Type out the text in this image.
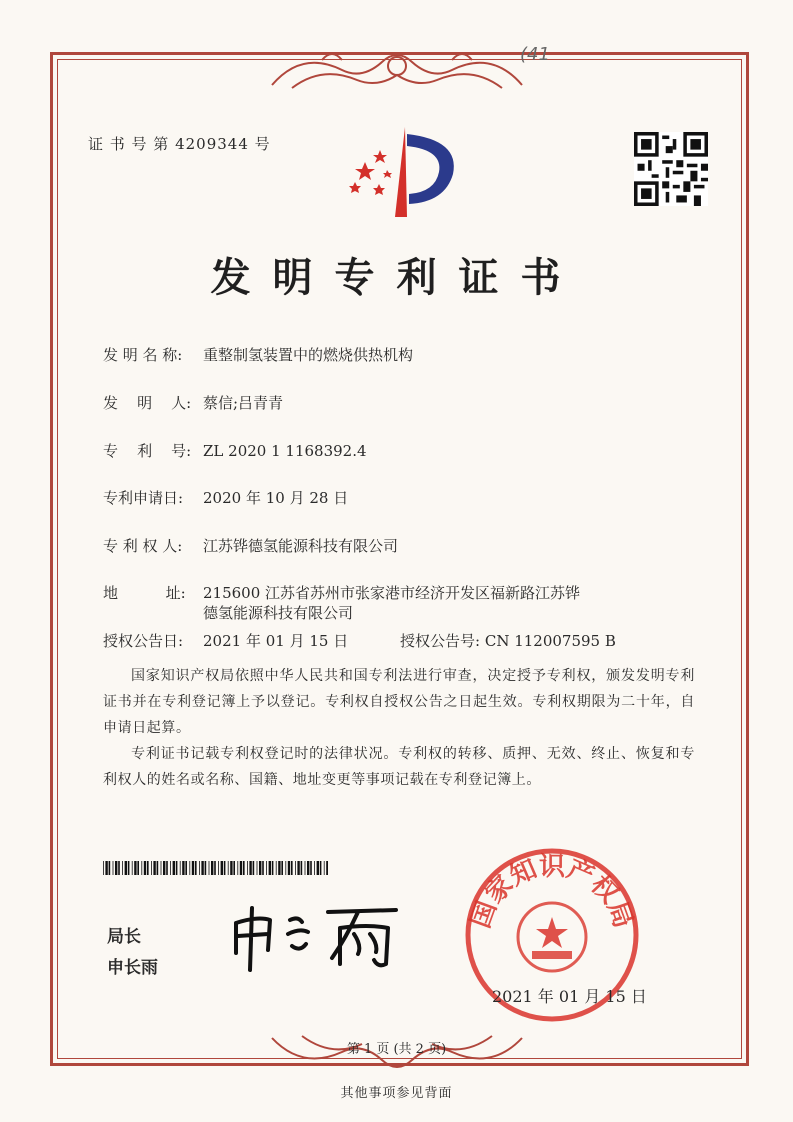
(41
证 书 号 第 4209344 号
发明专利证书
发 明 名 称: 重整制氢装置中的燃烧供热机构
发    明    人: 蔡信;吕青青
专    利    号: ZL 2020 1 1168392.4
专利申请日: 2020 年 10 月 28 日
专 利 权 人: 江苏铧德氢能源科技有限公司
地          址: 215600 江苏省苏州市张家港市经济开发区福新路江苏铧
德氢能源科技有限公司
授权公告日: 2021 年 01 月 15 日	授权公告号: CN 112007595 B
国家知识产权局依照中华人民共和国专利法进行审查，决定授予专利权，颁发发明专利证书并在专利登记簿上予以登记。专利权自授权公告之日起生效。专利权期限为二十年，自申请日起算。
专利证书记载专利权登记时的法律状况。专利权的转移、质押、无效、终止、恢复和专利权人的姓名或名称、国籍、地址变更等事项记载在专利登记簿上。
局长
申长雨
国家知识产权局
2021 年 01 月 15 日
第 1 页 (共 2 页)
其他事项参见背面
